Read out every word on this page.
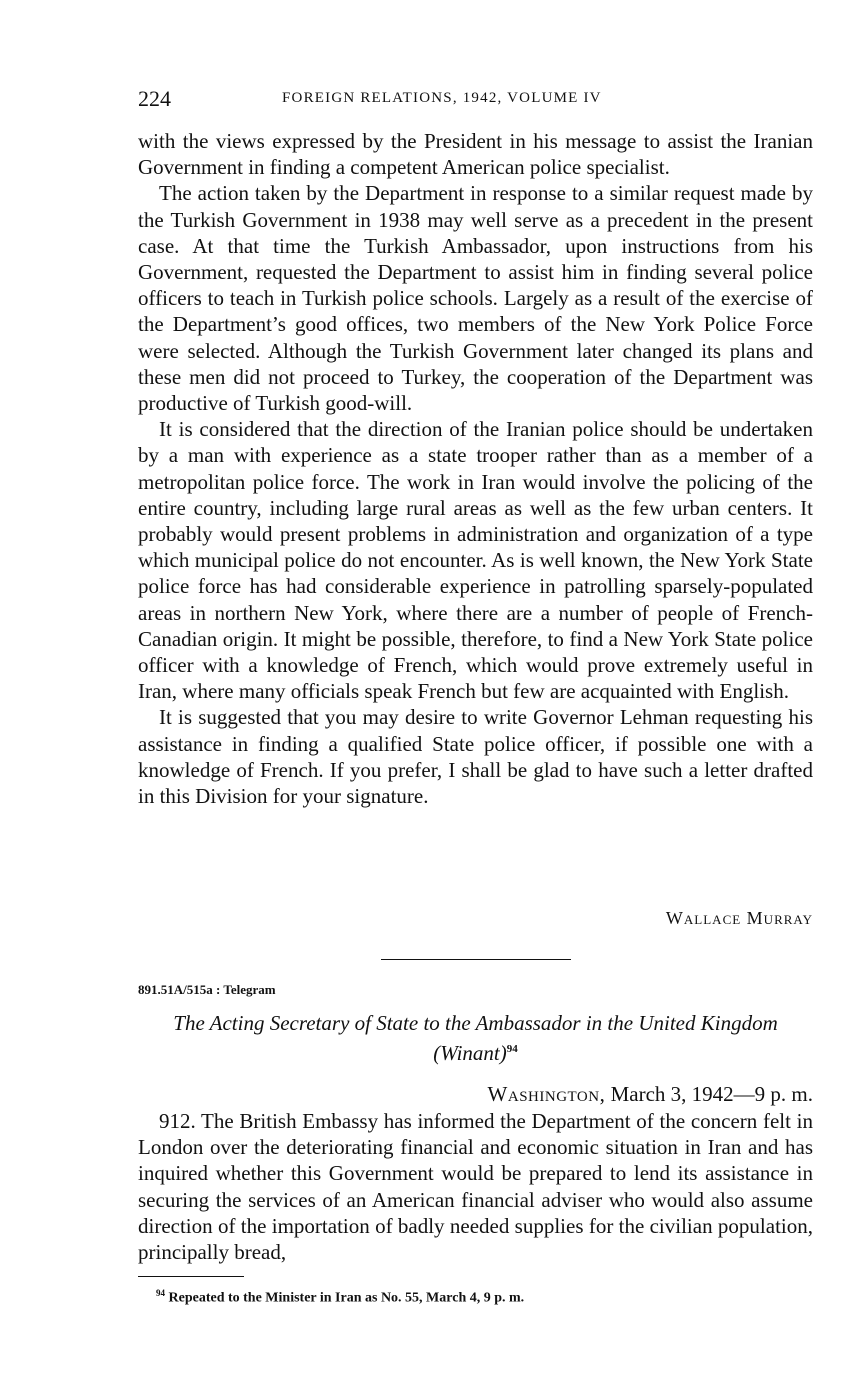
224	FOREIGN RELATIONS, 1942, VOLUME IV

with the views expressed by the President in his message to assist the Iranian Government in finding a competent American police specialist.

The action taken by the Department in response to a similar request made by the Turkish Government in 1938 may well serve as a precedent in the present case. At that time the Turkish Ambassador, upon instructions from his Government, requested the Department to assist him in finding several police officers to teach in Turkish police schools. Largely as a result of the exercise of the Department’s good offices, two members of the New York Police Force were selected. Although the Turkish Government later changed its plans and these men did not proceed to Turkey, the cooperation of the Department was productive of Turkish good-will.

It is considered that the direction of the Iranian police should be undertaken by a man with experience as a state trooper rather than as a member of a metropolitan police force. The work in Iran would involve the policing of the entire country, including large rural areas as well as the few urban centers. It probably would present problems in administration and organization of a type which municipal police do not encounter. As is well known, the New York State police force has had considerable experience in patrolling sparsely-populated areas in northern New York, where there are a number of people of French-Canadian origin. It might be possible, therefore, to find a New York State police officer with a knowledge of French, which would prove extremely useful in Iran, where many officials speak French but few are acquainted with English.

It is suggested that you may desire to write Governor Lehman requesting his assistance in finding a qualified State police officer, if possible one with a knowledge of French. If you prefer, I shall be glad to have such a letter drafted in this Division for your signature.

Wallace Murray
891.51A/515a : Telegram
The Acting Secretary of State to the Ambassador in the United Kingdom (Winant)$^{94}$
Washington, March 3, 1942—9 p. m.

912. The British Embassy has informed the Department of the concern felt in London over the deteriorating financial and economic situation in Iran and has inquired whether this Government would be prepared to lend its assistance in securing the services of an American financial adviser who would also assume direction of the importation of badly needed supplies for the civilian population, principally bread,

$^{94}$ Repeated to the Minister in Iran as No. 55, March 4, 9 p. m.
